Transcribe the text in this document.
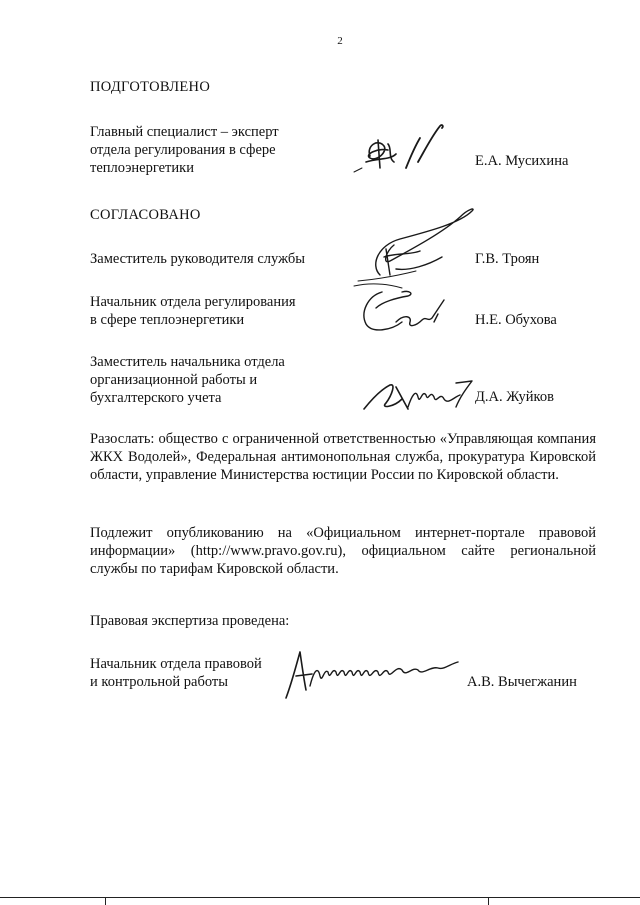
2

ПОДГОТОВЛЕНО

Главный специалист – эксперт
отдела регулирования в сфере
теплоэнергетики	Е.А. Мусихина

СОГЛАСОВАНО

Заместитель руководителя службы	Г.В. Троян

Начальник отдела регулирования
в сфере теплоэнергетики	Н.Е. Обухова

Заместитель начальника отдела
организационной работы и
бухгалтерского учета	Д.А. Жуйков

Разослать: общество с ограниченной ответственностью «Управляющая компания ЖКХ Водолей», Федеральная антимонопольная служба, прокуратура Кировской области, управление Министерства юстиции России по Кировской области.

Подлежит опубликованию на «Официальном интернет-портале правовой информации» (http://www.pravo.gov.ru), официальном сайте региональной службы по тарифам Кировской области.

Правовая экспертиза проведена:

Начальник отдела правовой
и контрольной работы	А.В. Вычегжанин
